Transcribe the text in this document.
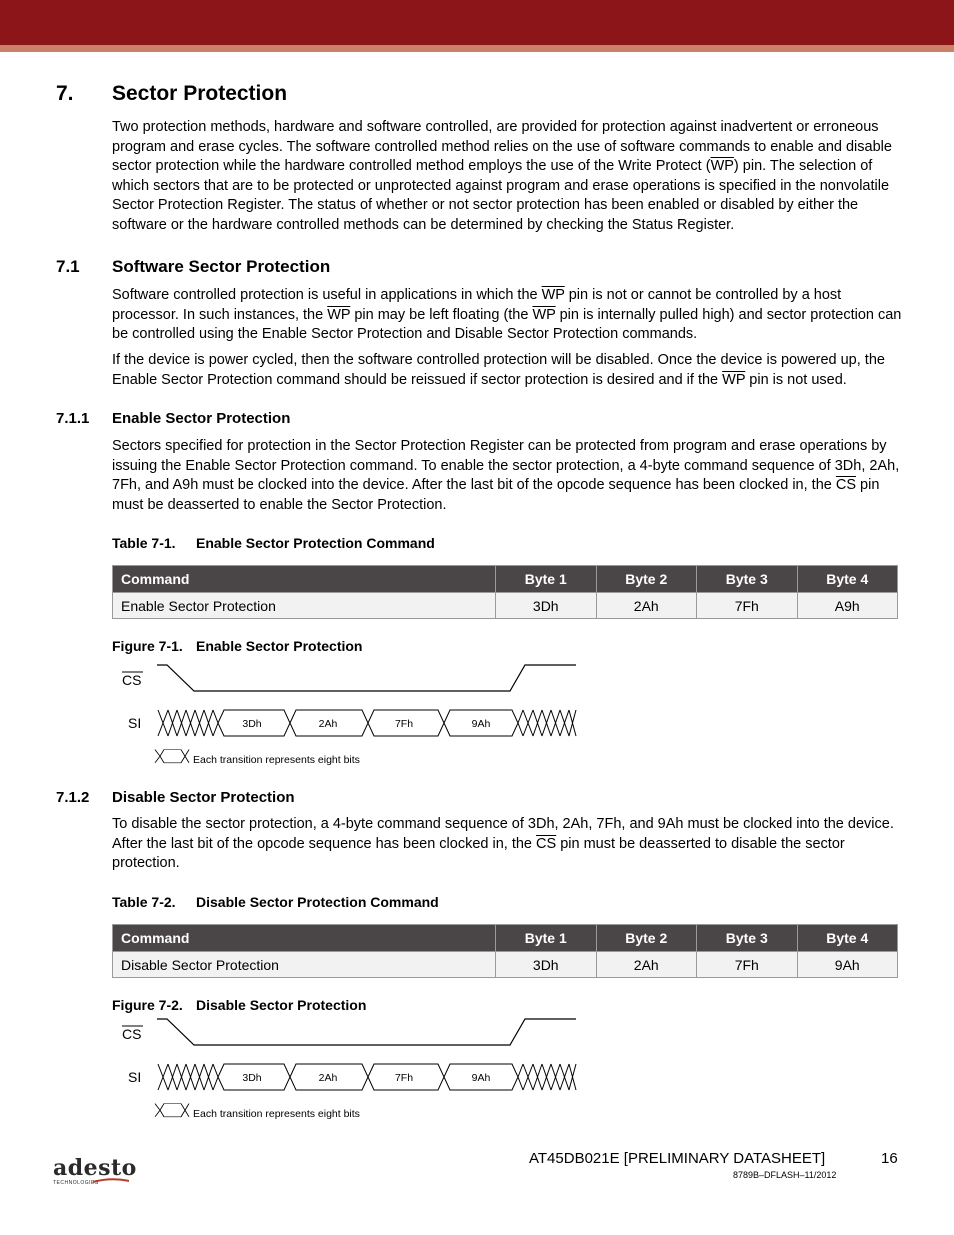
7. Sector Protection

Two protection methods, hardware and software controlled, are provided for protection against inadvertent or erroneous program and erase cycles. The software controlled method relies on the use of software commands to enable and disable sector protection while the hardware controlled method employs the use of the Write Protect $(\overline{WP})$ pin. The selection of which sectors that are to be protected or unprotected against program and erase operations is specified in the nonvolatile Sector Protection Register. The status of whether or not sector protection has been enabled or disabled by either the software or the hardware controlled methods can be determined by checking the Status Register.

7.1 Software Sector Protection

Software controlled protection is useful in applications in which the $\overline{WP}$ pin is not or cannot be controlled by a host processor. In such instances, the $\overline{WP}$ pin may be left floating (the $\overline{WP}$ pin is internally pulled high) and sector protection can be controlled using the Enable Sector Protection and Disable Sector Protection commands.

If the device is power cycled, then the software controlled protection will be disabled. Once the device is powered up, the Enable Sector Protection command should be reissued if sector protection is desired and if the $\overline{WP}$ pin is not used.

7.1.1 Enable Sector Protection

Sectors specified for protection in the Sector Protection Register can be protected from program and erase operations by issuing the Enable Sector Protection command. To enable the sector protection, a 4-byte command sequence of 3Dh, 2Ah, 7Fh, and A9h must be clocked into the device. After the last bit of the opcode sequence has been clocked in, the $\overline{CS}$ pin must be deasserted to enable the Sector Protection.

Table 7-1. Enable Sector Protection Command
Command	Byte 1	Byte 2	Byte 3	Byte 4
Enable Sector Protection	3Dh	2Ah	7Fh	A9h
Figure 7-1. Enable Sector Protection
CS
SI	3Dh	2Ah	7Fh	9Ah
Each transition represents eight bits
7.1.2 Disable Sector Protection

To disable the sector protection, a 4-byte command sequence of 3Dh, 2Ah, 7Fh, and 9Ah must be clocked into the device. After the last bit of the opcode sequence has been clocked in, the $\overline{CS}$ pin must be deasserted to disable the sector protection.

Table 7-2. Disable Sector Protection Command
Command	Byte 1	Byte 2	Byte 3	Byte 4
Disable Sector Protection	3Dh	2Ah	7Fh	9Ah
Figure 7-2. Disable Sector Protection
CS
SI	3Dh	2Ah	7Fh	9Ah
Each transition represents eight bits
adesto
TECHNOLOGIES
AT45DB021E [PRELIMINARY DATASHEET]	16
8789B–DFLASH–11/2012
